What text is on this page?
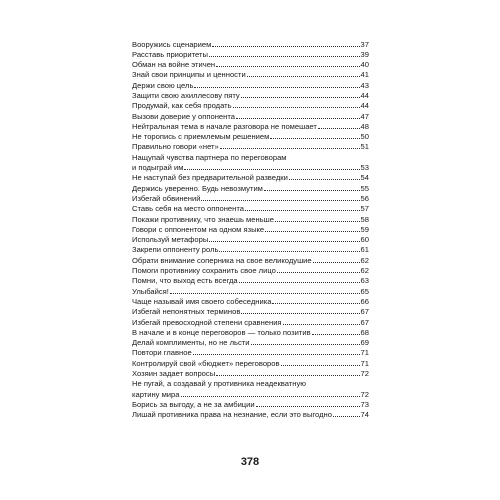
Вооружись сценарием	37
Расставь приоритеты	39
Обман на войне этичен	40
Знай свои принципы и ценности	41
Держи свою цель	43
Защити свою ахиллесову пяту	44
Продумай, как себя продать	44
Вызови доверие у оппонента	47
Нейтральная тема в начале разговора не помешает	48
Не торопись с приемлемым решением	50
Правильно говори «нет»	51
Нащупай чувства партнера по переговорам
и подыграй им	53
Не наступай без предварительной разведки	54
Держись уверенно. Будь невозмутим	55
Избегай обвинений	56
Ставь себя на место оппонента	57
Покажи противнику, что знаешь меньше	58
Говори с оппонентом на одном языке	59
Используй метафоры	60
Закрепи оппоненту роль	61
Обрати внимание соперника на свое великодушие	62
Помоги противнику сохранить свое лицо	62
Помни, что выход есть всегда	63
Улыбайся!	65
Чаще называй имя своего собеседника	66
Избегай непонятных терминов	67
Избегай превосходной степени сравнения	67
В начале и в конце переговоров — только позитив	68
Делай комплименты, но не льсти	69
Повтори главное	71
Контролируй свой «бюджет» переговоров	71
Хозяин задает вопросы	72
Не пугай, а создавай у противника неадекватную
картину мира	72
Борись за выгоду, а не за амбиции	73
Лишай противника права на незнание, если это выгодно	74
378
